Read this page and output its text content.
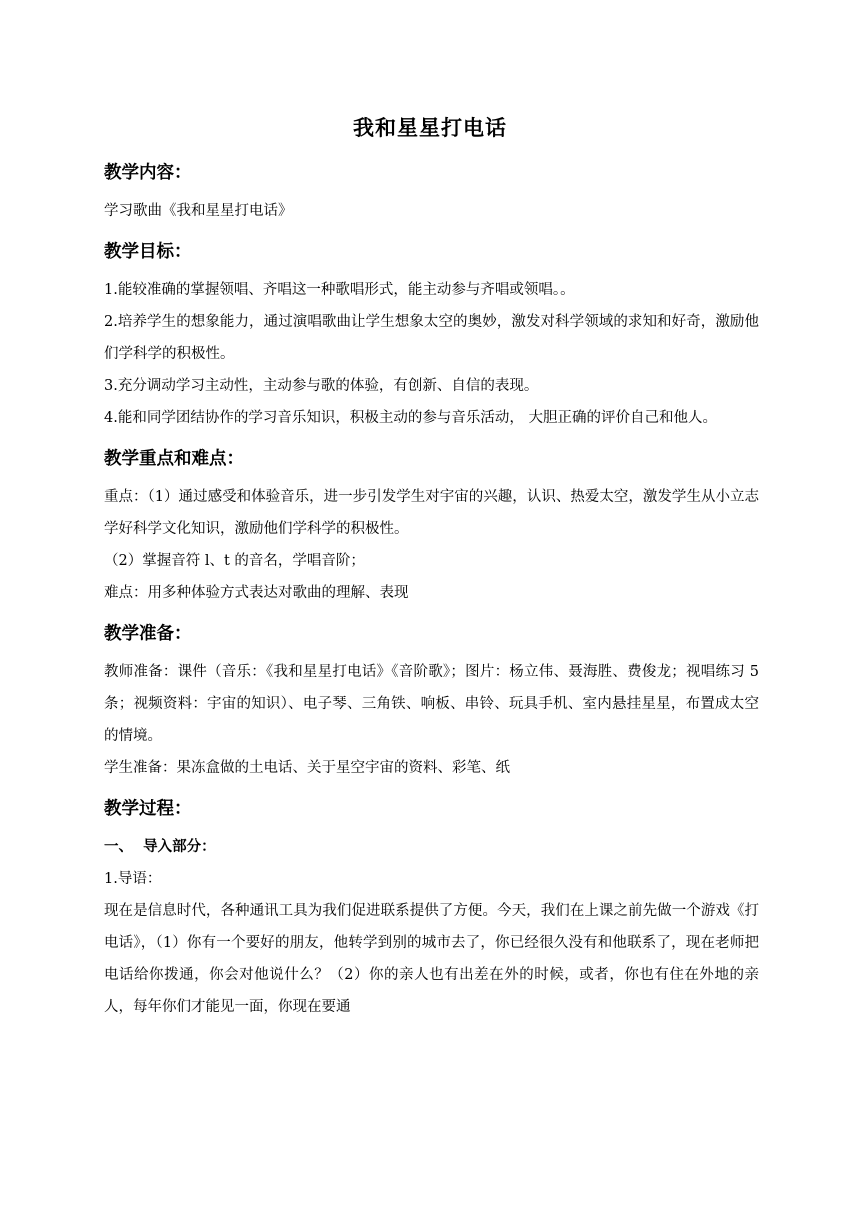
我和星星打电话
教学内容：
学习歌曲《我和星星打电话》
教学目标：
1.能较准确的掌握领唱、齐唱这一种歌唱形式，能主动参与齐唱或领唱。。
2.培养学生的想象能力，通过演唱歌曲让学生想象太空的奥妙，激发对科学领域的求知和好奇，激励他们学科学的积极性。
3.充分调动学习主动性，主动参与歌的体验，有创新、自信的表现。
4.能和同学团结协作的学习音乐知识，积极主动的参与音乐活动， 大胆正确的评价自己和他人。
教学重点和难点：
重点：（1）通过感受和体验音乐，进一步引发学生对宇宙的兴趣，认识、热爱太空，激发学生从小立志学好科学文化知识，激励他们学科学的积极性。
（2）掌握音符 l、t 的音名，学唱音阶；
难点：用多种体验方式表达对歌曲的理解、表现
教学准备：
教师准备：课件（音乐：《我和星星打电话》《音阶歌》；图片：杨立伟、聂海胜、费俊龙；视唱练习 5 条；视频资料：宇宙的知识）、电子琴、三角铁、响板、串铃、玩具手机、室内悬挂星星，布置成太空的情境。
学生准备：果冻盒做的土电话、关于星空宇宙的资料、彩笔、纸
教学过程：
一、  导入部分：
1.导语：
现在是信息时代，各种通讯工具为我们促进联系提供了方便。今天，我们在上课之前先做一个游戏《打电话》，（1）你有一个要好的朋友，他转学到别的城市去了，你已经很久没有和他联系了，现在老师把电话给你拨通，你会对他说什么？（2）你的亲人也有出差在外的时候，或者，你也有住在外地的亲人，每年你们才能见一面，你现在要通
